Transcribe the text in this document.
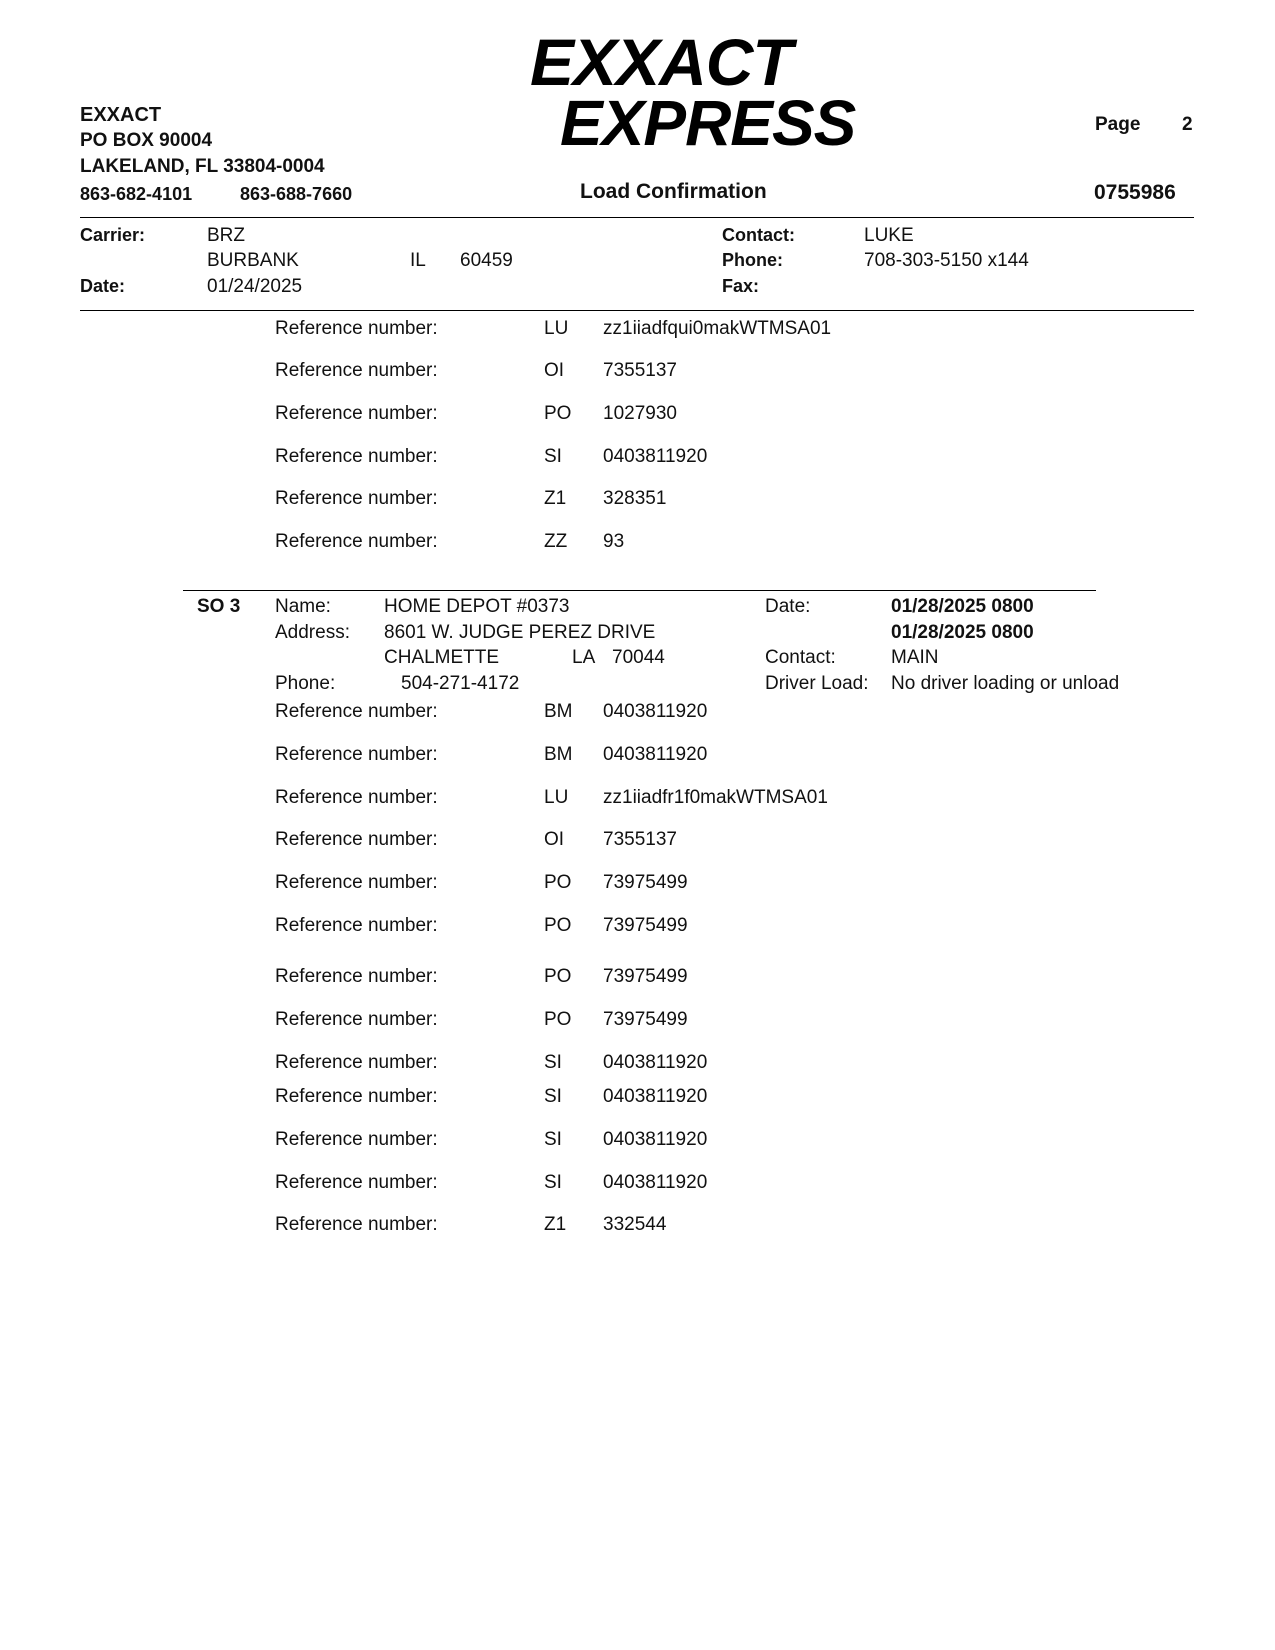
EXXACT
PO BOX 90004
LAKELAND, FL 33804-0004
863-682-4101	863-688-7660
EXXACT
EXPRESS
Load Confirmation
Page 2
0755986
Carrier:	BRZ
BURBANK	IL 60459
Date:	01/24/2025
Contact:	LUKE
Phone:	708-303-5150 x144
Fax:
Reference number:	LU zz1iiadfqui0makWTMSA01
Reference number:	OI 7355137
Reference number:	PO 1027930
Reference number:	SI 0403811920
Reference number:	Z1 328351
Reference number:	ZZ 93
SO 3 Name:	HOME DEPOT #0373
Address: 8601 W. JUDGE PEREZ DRIVE
CHALMETTE	LA 70044
Phone:	504-271-4172
Date:	01/28/2025 0800
01/28/2025 0800
Contact:	MAIN
Driver Load: No driver loading or unload
Reference number:	BM 0403811920
Reference number:	BM 0403811920
Reference number:	LU zz1iiadfr1f0makWTMSA01
Reference number:	OI 7355137
Reference number:	PO 73975499
Reference number:	PO 73975499
Reference number:	PO 73975499
Reference number:	PO 73975499
Reference number:	SI 0403811920
Reference number:	SI 0403811920
Reference number:	SI 0403811920
Reference number:	SI 0403811920
Reference number:	Z1 332544
